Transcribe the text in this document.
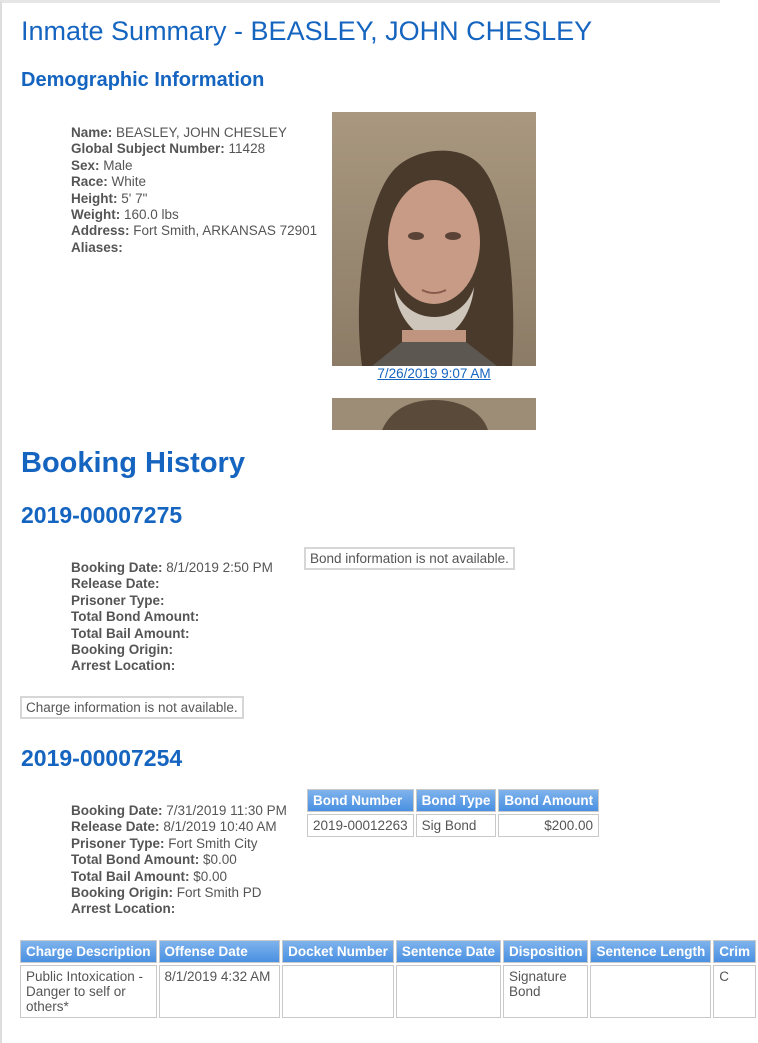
Inmate Summary - BEASLEY, JOHN CHESLEY
Demographic Information
Name: BEASLEY, JOHN CHESLEY
Global Subject Number: 11428
Sex: Male
Race: White
Height: 5' 7"
Weight: 160.0 lbs
Address: Fort Smith, ARKANSAS 72901
Aliases:
7/26/2019 9:07 AM
Booking History
2019-00007275
Booking Date: 8/1/2019 2:50 PM
Release Date:
Prisoner Type:
Total Bond Amount:
Total Bail Amount:
Booking Origin:
Arrest Location:
Bond information is not available.
Charge information is not available.
2019-00007254
Booking Date: 7/31/2019 11:30 PM
Release Date: 8/1/2019 10:40 AM
Prisoner Type: Fort Smith City
Total Bond Amount: $0.00
Total Bail Amount: $0.00
Booking Origin: Fort Smith PD
Arrest Location:
Bond Number	Bond Type	Bond Amount
2019-00012263	Sig Bond	$200.00
Charge Description	Offense Date	Docket Number	Sentence Date	Disposition	Sentence Length	Crim
Public Intoxication - Danger to self or others*	8/1/2019 4:32 AM			Signature Bond		C
